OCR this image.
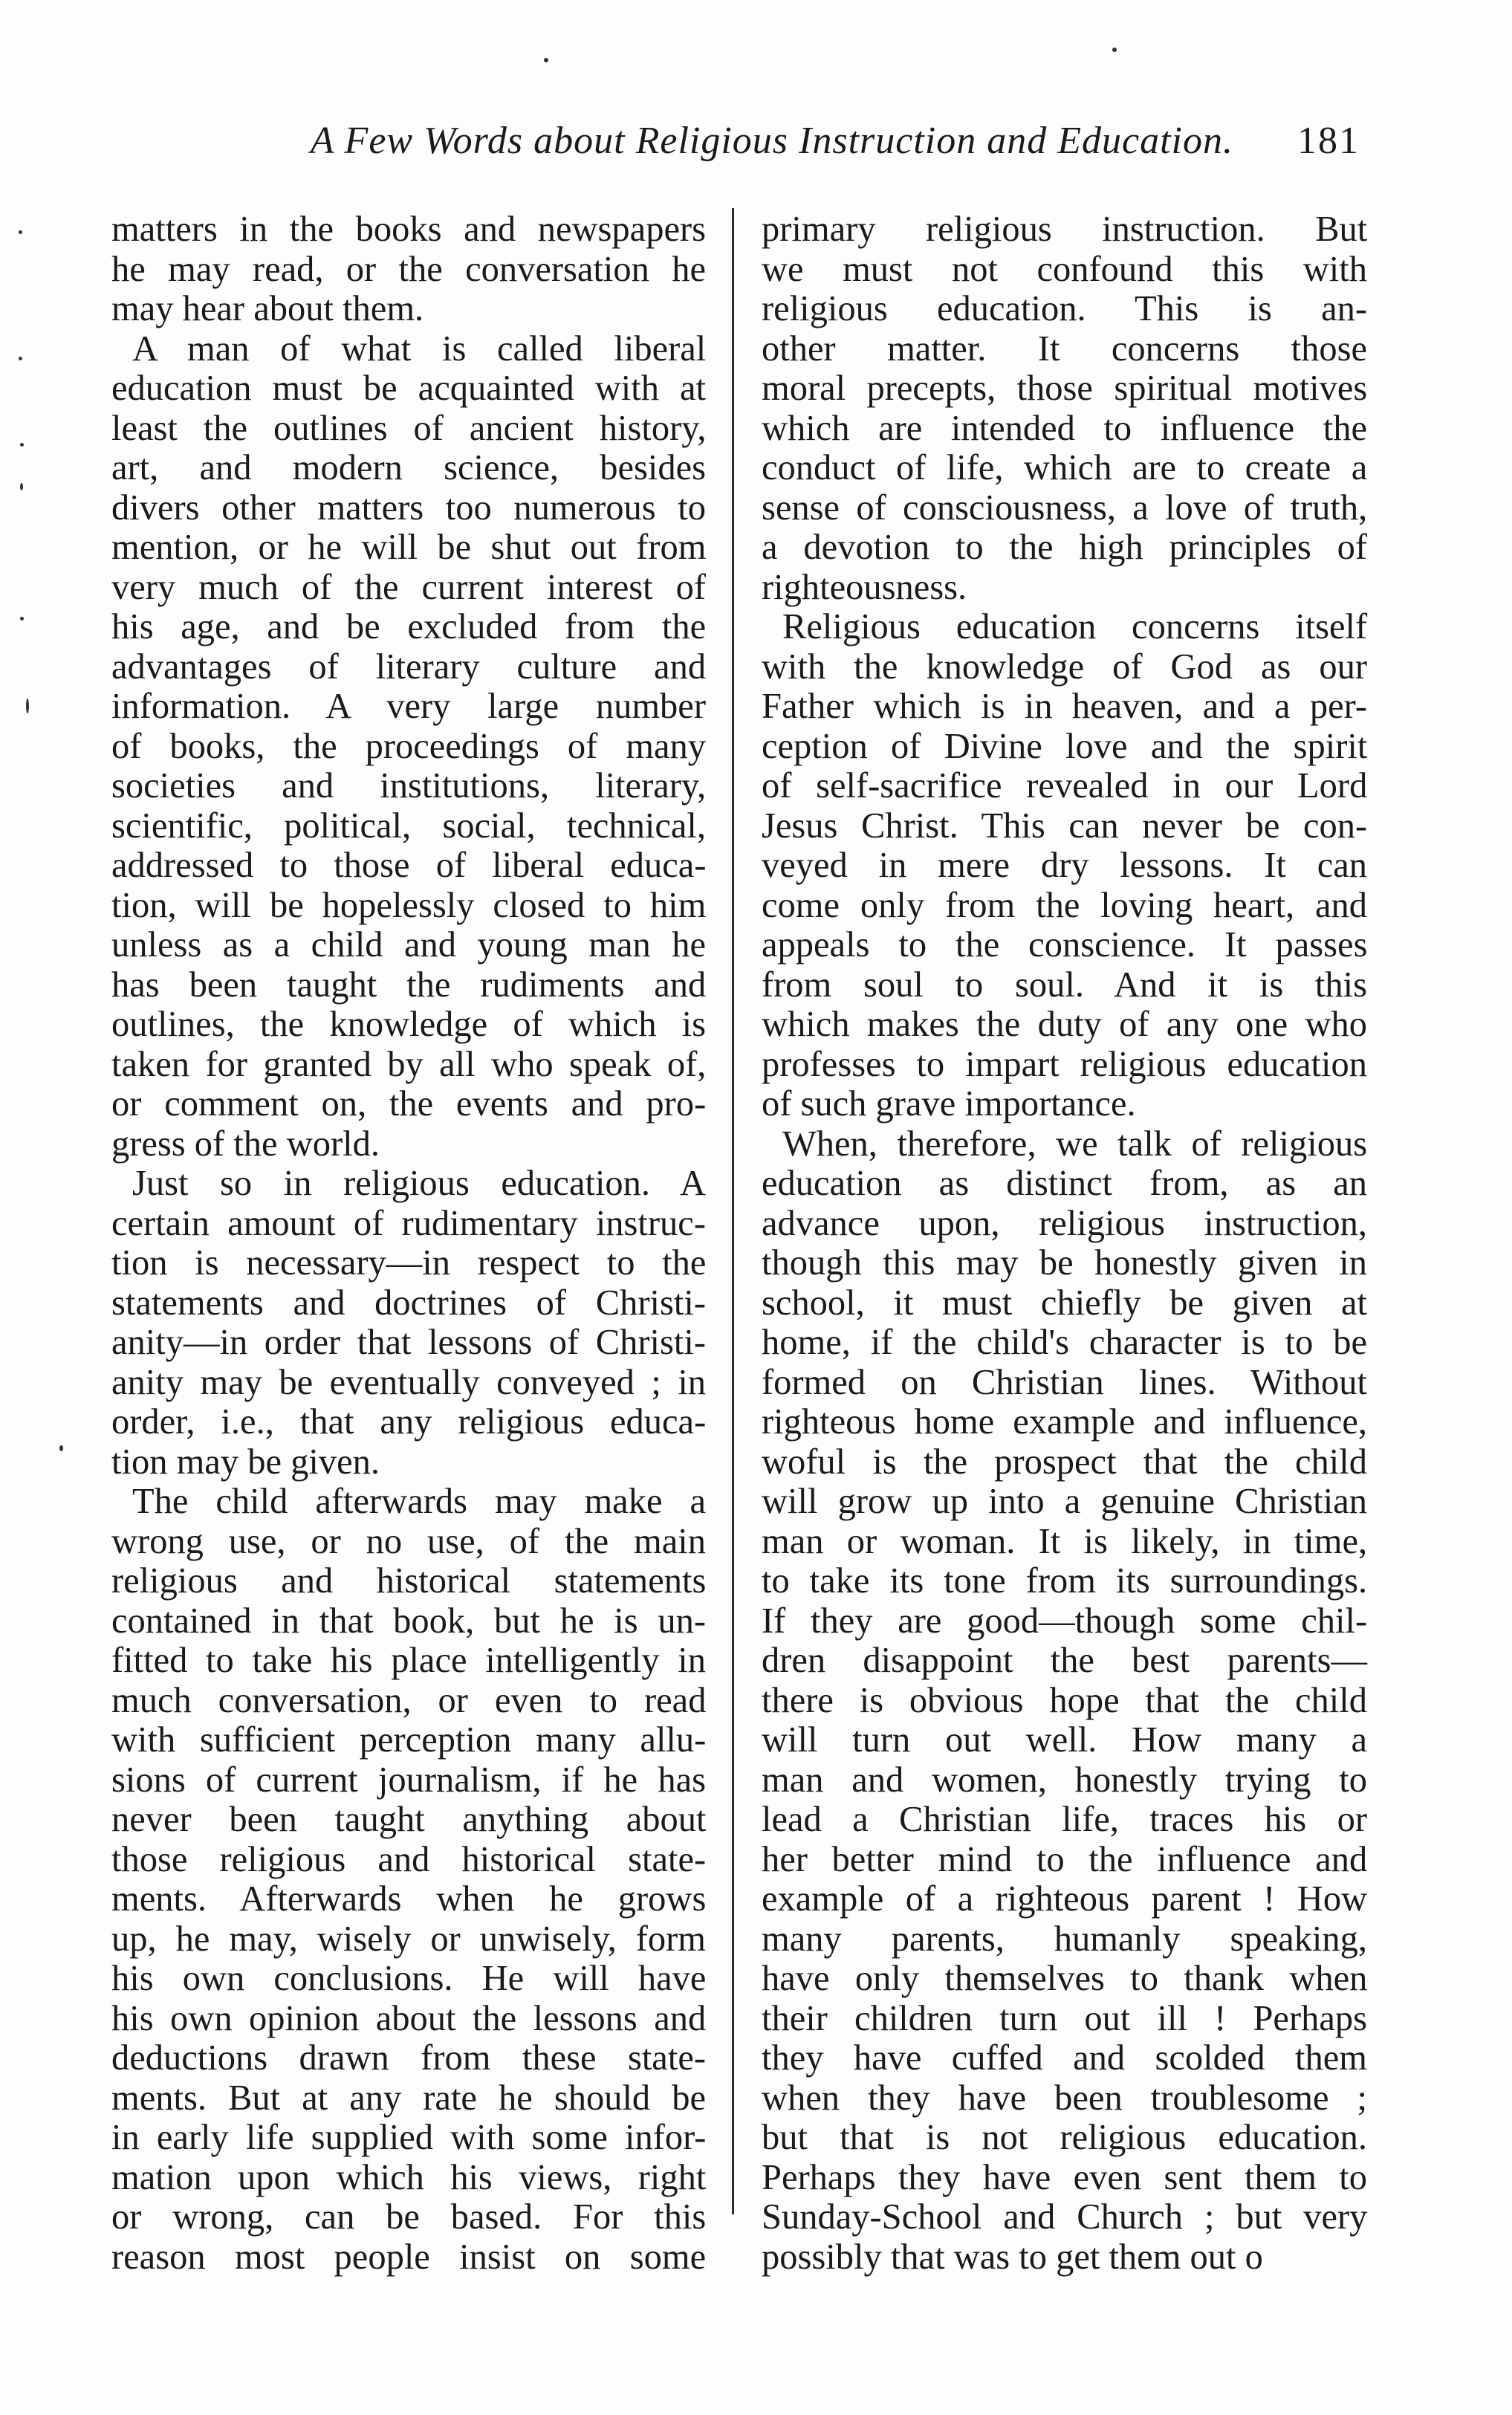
A Few Words about Religious Instruction and Education. 181
matters in the books and newspapers
he may read, or the conversation he
may hear about them.
A man of what is called liberal
education must be acquainted with at
least the outlines of ancient history,
art, and modern science, besides
divers other matters too numerous to
mention, or he will be shut out from
very much of the current interest of
his age, and be excluded from the
advantages of literary culture and
information. A very large number
of books, the proceedings of many
societies and institutions, literary,
scientific, political, social, technical,
addressed to those of liberal educa-
tion, will be hopelessly closed to him
unless as a child and young man he
has been taught the rudiments and
outlines, the knowledge of which is
taken for granted by all who speak of,
or comment on, the events and pro-
gress of the world.
Just so in religious education. A
certain amount of rudimentary instruc-
tion is necessary—in respect to the
statements and doctrines of Christi-
anity—in order that lessons of Christi-
anity may be eventually conveyed ; in
order, i.e., that any religious educa-
tion may be given.
The child afterwards may make a
wrong use, or no use, of the main
religious and historical statements
contained in that book, but he is un-
fitted to take his place intelligently in
much conversation, or even to read
with sufficient perception many allu-
sions of current journalism, if he has
never been taught anything about
those religious and historical state-
ments. Afterwards when he grows
up, he may, wisely or unwisely, form
his own conclusions. He will have
his own opinion about the lessons and
deductions drawn from these state-
ments. But at any rate he should be
in early life supplied with some infor-
mation upon which his views, right
or wrong, can be based. For this
reason most people insist on some
primary religious instruction. But
we must not confound this with
religious education. This is an-
other matter. It concerns those
moral precepts, those spiritual motives
which are intended to influence the
conduct of life, which are to create a
sense of consciousness, a love of truth,
a devotion to the high principles of
righteousness.
Religious education concerns itself
with the knowledge of God as our
Father which is in heaven, and a per-
ception of Divine love and the spirit
of self-sacrifice revealed in our Lord
Jesus Christ. This can never be con-
veyed in mere dry lessons. It can
come only from the loving heart, and
appeals to the conscience. It passes
from soul to soul. And it is this
which makes the duty of any one who
professes to impart religious education
of such grave importance.
When, therefore, we talk of religious
education as distinct from, as an
advance upon, religious instruction,
though this may be honestly given in
school, it must chiefly be given at
home, if the child's character is to be
formed on Christian lines. Without
righteous home example and influence,
woful is the prospect that the child
will grow up into a genuine Christian
man or woman. It is likely, in time,
to take its tone from its surroundings.
If they are good—though some chil-
dren disappoint the best parents—
there is obvious hope that the child
will turn out well. How many a
man and women, honestly trying to
lead a Christian life, traces his or
her better mind to the influence and
example of a righteous parent ! How
many parents, humanly speaking,
have only themselves to thank when
their children turn out ill ! Perhaps
they have cuffed and scolded them
when they have been troublesome ;
but that is not religious education.
Perhaps they have even sent them to
Sunday-School and Church ; but very
possibly that was to get them out o
